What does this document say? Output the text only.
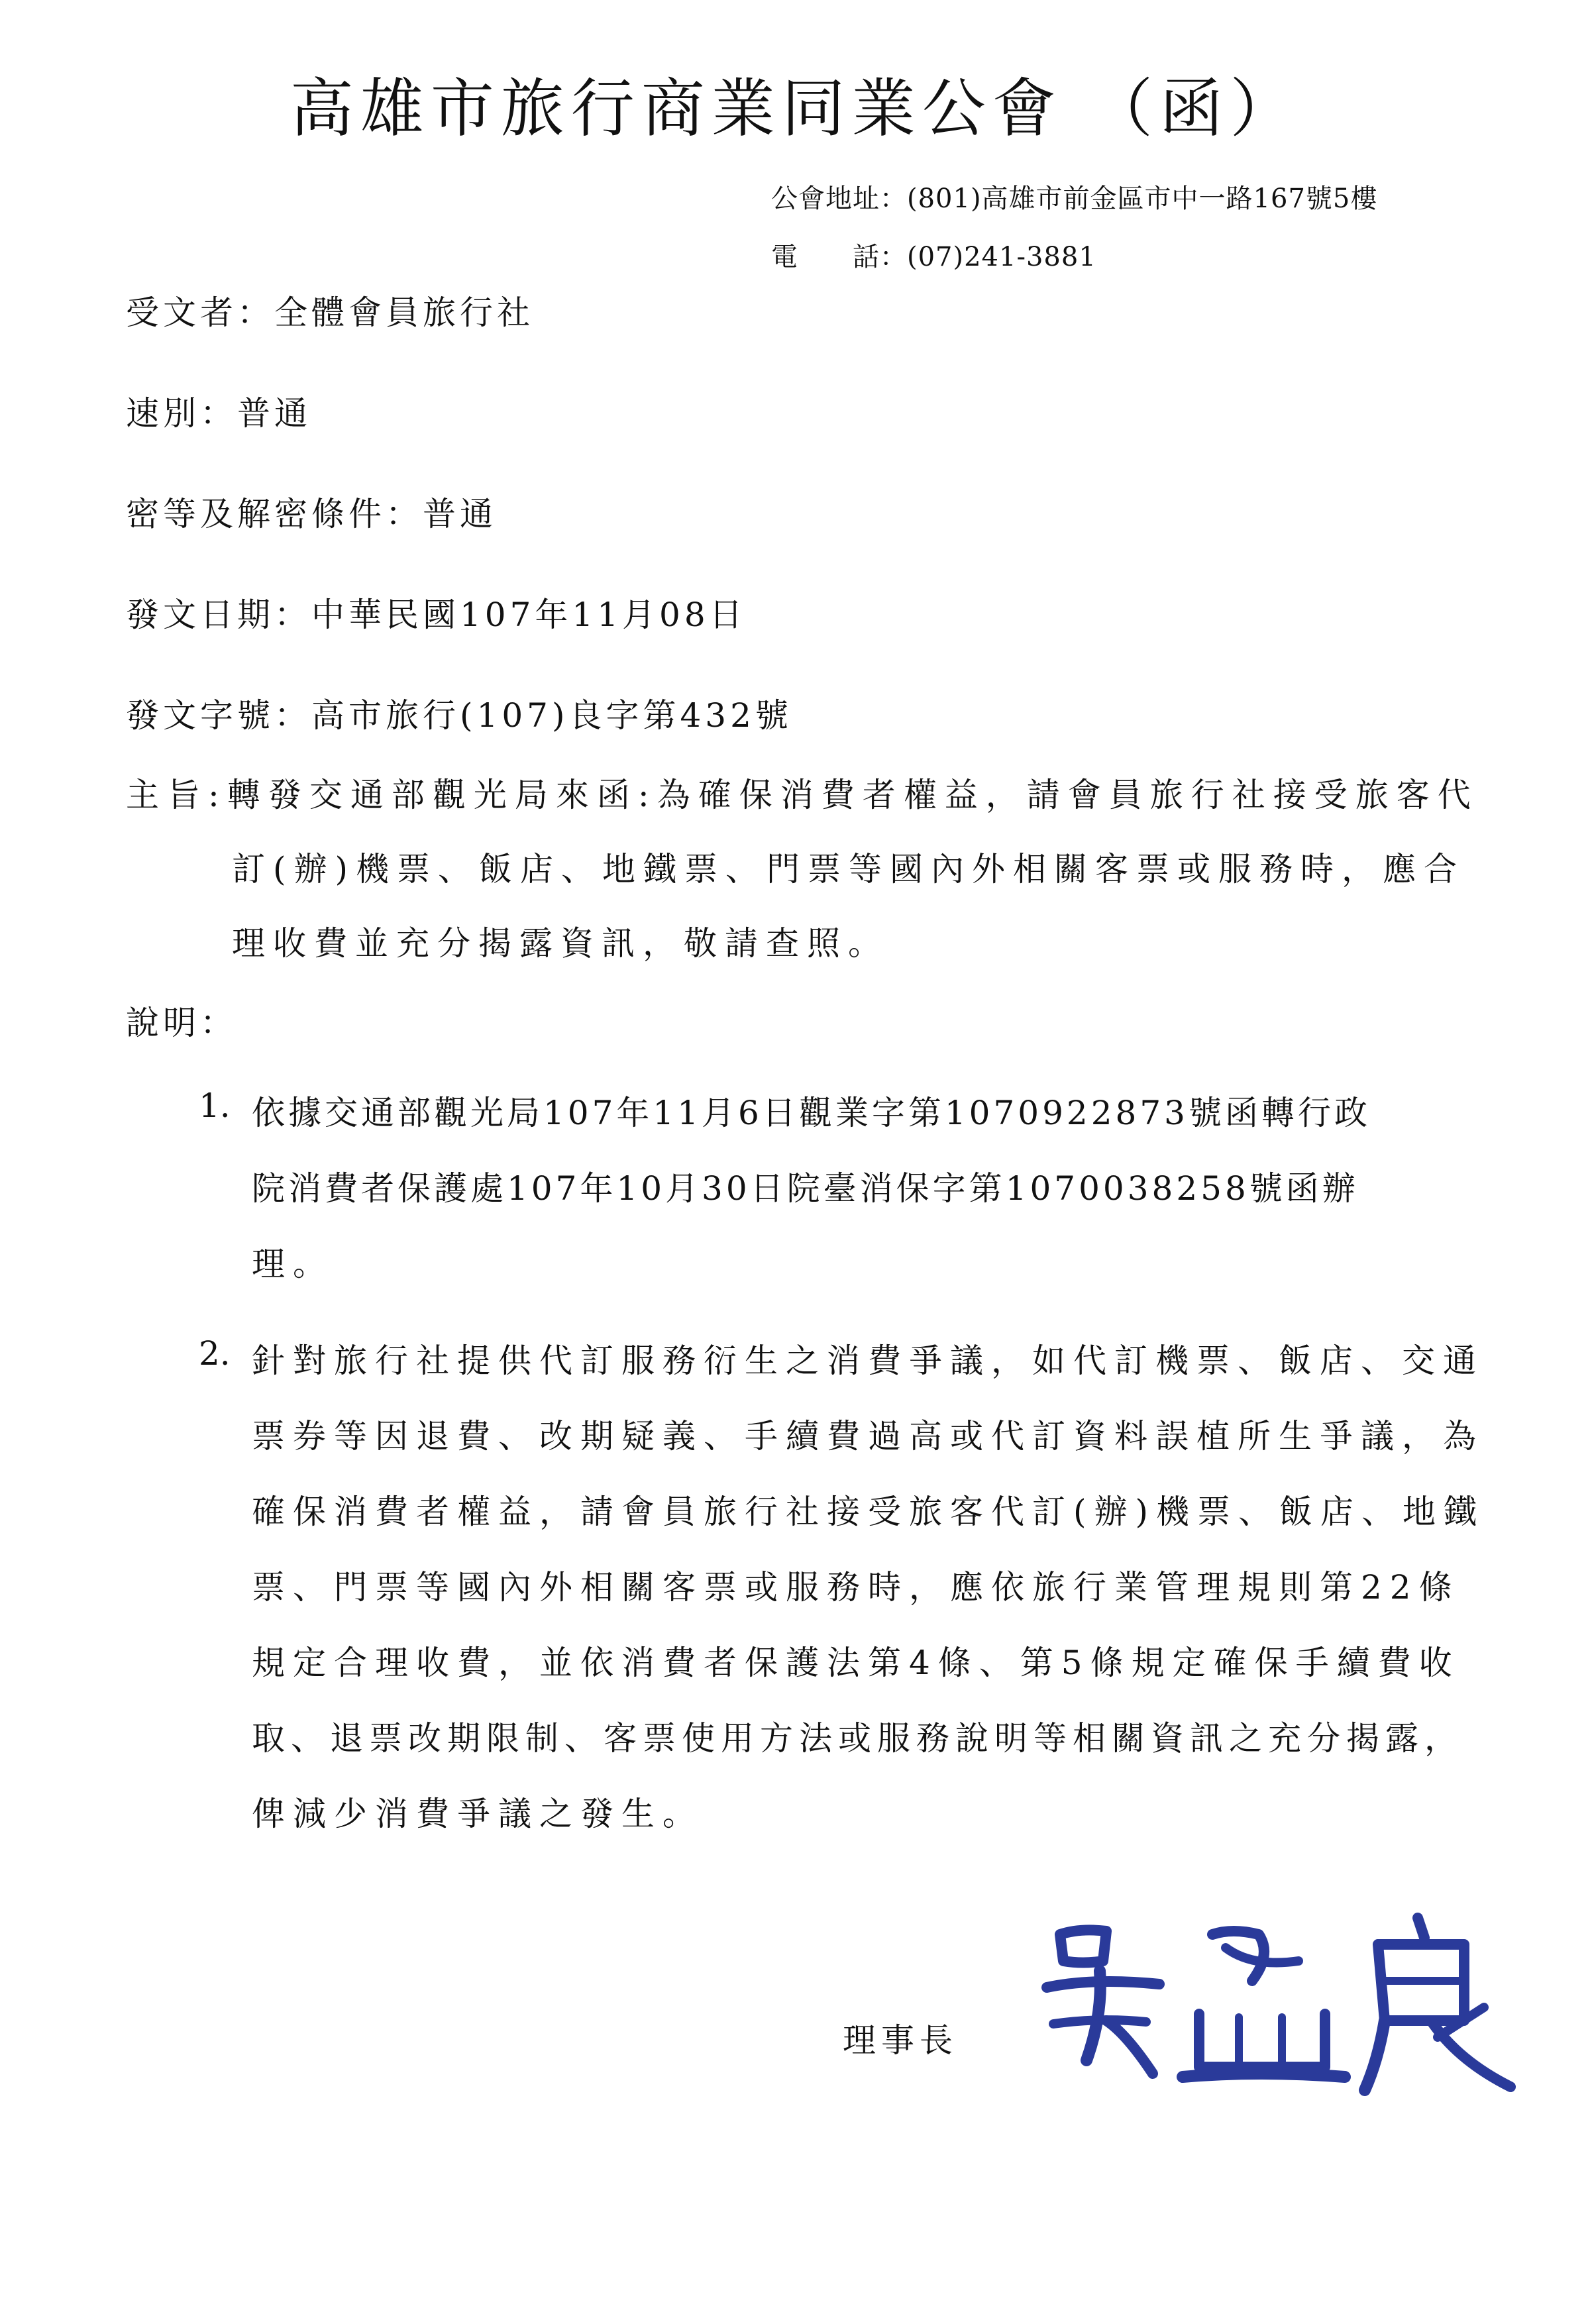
高雄市旅行商業同業公會 （函）
公會地址：(801)高雄市前金區市中一路167號5樓
電　　話：(07)241-3881
受文者：全體會員旅行社
速別：普通
密等及解密條件：普通
發文日期：中華民國107年11月08日
發文字號：高市旅行(107)良字第432號
主旨:轉發交通部觀光局來函:為確保消費者權益，請會員旅行社接受旅客代
訂(辦)機票、飯店、地鐵票、門票等國內外相關客票或服務時，應合
理收費並充分揭露資訊，敬請查照。
說明：
1. 依據交通部觀光局107年11月6日觀業字第1070922873號函轉行政
院消費者保護處107年10月30日院臺消保字第1070038258號函辦
理。
2. 針對旅行社提供代訂服務衍生之消費爭議，如代訂機票、飯店、交通
票券等因退費、改期疑義、手續費過高或代訂資料誤植所生爭議，為
確保消費者權益，請會員旅行社接受旅客代訂(辦)機票、飯店、地鐵
票、門票等國內外相關客票或服務時，應依旅行業管理規則第22條
規定合理收費，並依消費者保護法第4條、第5條規定確保手續費收
取、退票改期限制、客票使用方法或服務說明等相關資訊之充分揭露，
俾減少消費爭議之發生。
理事長
